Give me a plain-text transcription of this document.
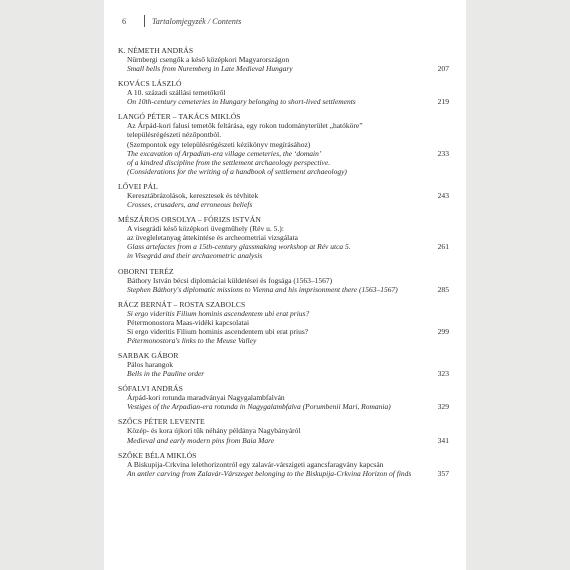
6	Tartalomjegyzék / Contents
K. NÉMETH ANDRÁS
Nürnbergi csengők a késő középkori Magyarországon
Small bells from Nuremberg in Late Medieval Hungary	207
KOVÁCS LÁSZLÓ
A 10. századi szállási temetőkről
On 10th-century cemeteries in Hungary belonging to short-lived settlements	219
LANGÓ PÉTER – TAKÁCS MIKLÓS
Az Árpád-kori falusi temetők feltárása, egy rokon tudományterület „hatóköre”
településrégészeti nézőpontból.
(Szempontok egy településrégészeti kézikönyv megírásához)
The excavation of Arpadian-era village cemeteries, the ‘domain’
of a kindred discipline from the settlement archaeology perspective.
(Considerations for the writing of a handbook of settlement archaeology)
233
LŐVEI PÁL
Keresztábrázolások, keresztesek és tévhitek
Crosses, crusaders, and erroneous beliefs
243
MÉSZÁROS ORSOLYA – FÓRIZS ISTVÁN
A visegrádi késő középkori üvegműhely (Rév u. 5.):
az üvegleletanyag áttekintése és archeometriai vizsgálata
Glass artefactes from a 15th-century glassmaking workshop at Rév utca 5.
in Visegrád and their archaeometric analysis
261
OBORNI TERÉZ
Báthory István bécsi diplomáciai küldetései és fogsága (1563–1567)
Stephen Báthory's diplomatic missions to Vienna and his imprisonment there (1563–1567)	285
RÁCZ BERNÁT – ROSTA SZABOLCS
Si ergo videritis Filium hominis ascendentem ubi erat prius?
Pétermonostora Maas-vidéki kapcsolatai
Si ergo videritis Filium hominis ascendentem ubi erat prius?
Pétermonostora's links to the Meuse Valley
299
SARBAK GÁBOR
Pálos harangok
Bells in the Pauline order	323
SÓFALVI ANDRÁS
Árpád-kori rotunda maradványai Nagygalambfalván
Vestiges of the Arpadian-era rotunda in Nagygalambfalva (Porumbenii Mari, Romania)	329
SZŐCS PÉTER LEVENTE
Közép- és kora újkori tűk néhány példánya Nagybányáról
Medieval and early modern pins from Baia Mare	341
SZŐKE BÉLA MIKLÓS
A Biskupija-Crkvina lelethorizontról egy zalavár-várszigeti agancsfaragvány kapcsán
An antler carving from Zalavár-Várszeget belonging to the Biskupija-Crkvina Horizon of finds	357
